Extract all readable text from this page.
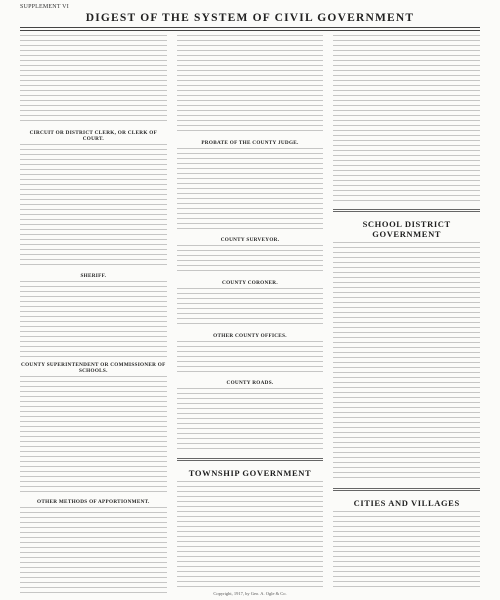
SUPPLEMENT VI
DIGEST OF THE SYSTEM OF CIVIL GOVERNMENT
CIRCUIT OR DISTRICT CLERK, OR CLERK OF COURT.
SHERIFF.
COUNTY SUPERINTENDENT OR COMMISSIONER OF SCHOOLS.
OTHER METHODS OF APPORTIONMENT.
PROBATE OF THE COUNTY JUDGE.
COUNTY SURVEYOR.
COUNTY CORONER.
OTHER COUNTY OFFICES.
COUNTY ROADS.
TOWNSHIP GOVERNMENT
SCHOOL DISTRICT GOVERNMENT
CITIES AND VILLAGES
Copyright, 1917, by Geo. A. Ogle & Co.
